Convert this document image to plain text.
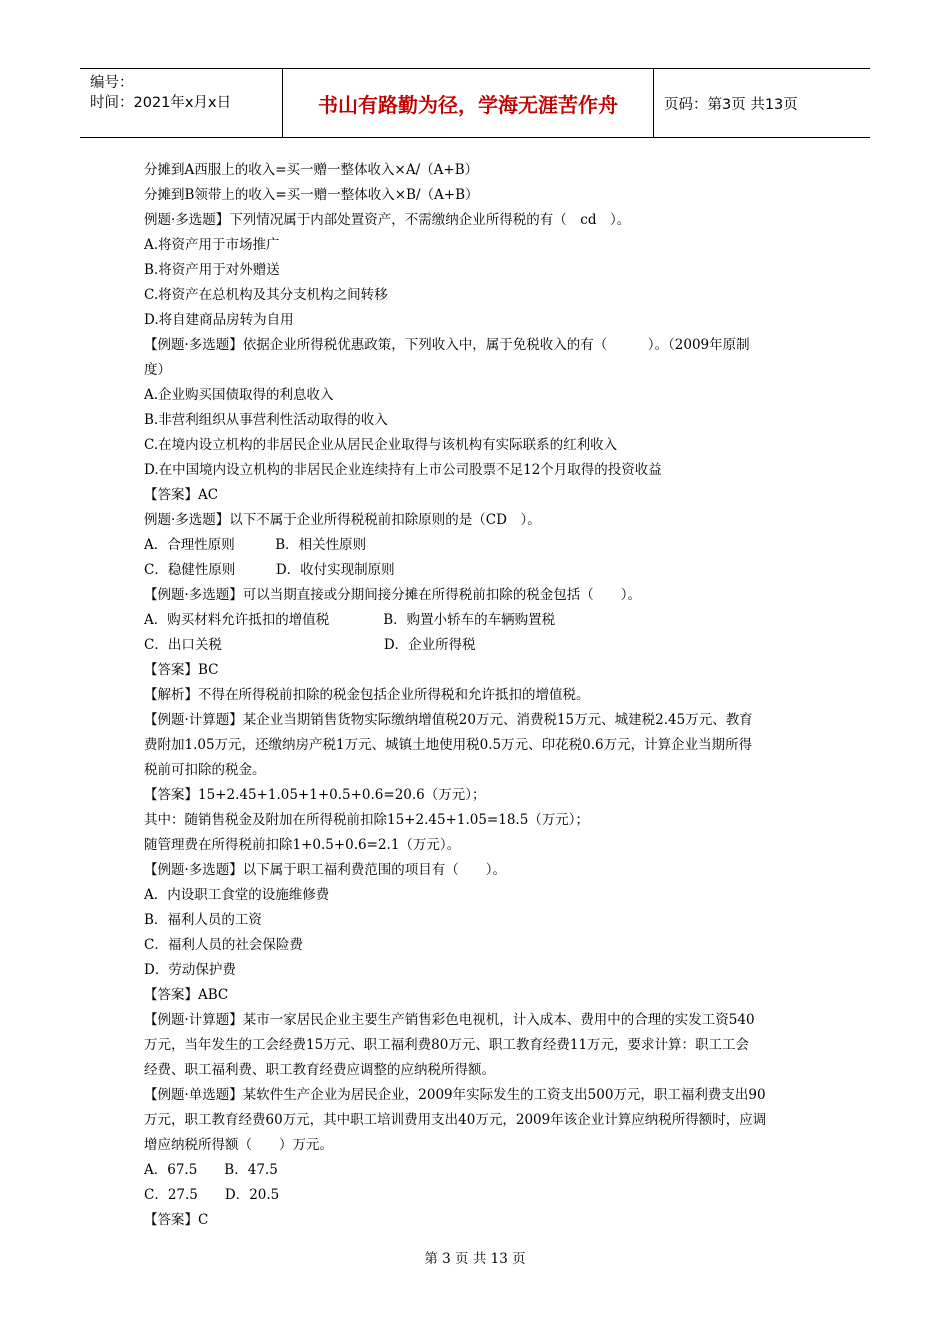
编号：
时间：2021年x月x日	书山有路勤为径，学海无涯苦作舟	页码：第3页 共13页
分摊到A西服上的收入=买一赠一整体收入×A/（A+B）
分摊到B领带上的收入=买一赠一整体收入×B/（A+B）
例题·多选题】下列情况属于内部处置资产，不需缴纳企业所得税的有（　cd　）。
A.将资产用于市场推广
B.将资产用于对外赠送
C.将资产在总机构及其分支机构之间转移
D.将自建商品房转为自用
【例题·多选题】依据企业所得税优惠政策，下列收入中，属于免税收入的有（　　　）。（2009年原制
度）
A.企业购买国债取得的利息收入
B.非营利组织从事营利性活动取得的收入
C.在境内设立机构的非居民企业从居民企业取得与该机构有实际联系的红利收入
D.在中国境内设立机构的非居民企业连续持有上市公司股票不足12个月取得的投资收益
【答案】AC
例题·多选题】以下不属于企业所得税税前扣除原则的是（CD　）。
A．合理性原则　　　B．相关性原则
C．稳健性原则　　　D．收付实现制原则
【例题·多选题】可以当期直接或分期间接分摊在所得税前扣除的税金包括（　　）。
A．购买材料允许抵扣的增值税　　　　B．购置小轿车的车辆购置税
C．出口关税　　　　　　　　　　　　D．企业所得税
【答案】BC
【解析】不得在所得税前扣除的税金包括企业所得税和允许抵扣的增值税。
【例题·计算题】某企业当期销售货物实际缴纳增值税20万元、消费税15万元、城建税2.45万元、教育
费附加1.05万元，还缴纳房产税1万元、城镇土地使用税0.5万元、印花税0.6万元，计算企业当期所得
税前可扣除的税金。
【答案】15+2.45+1.05+1+0.5+0.6=20.6（万元）；
其中：随销售税金及附加在所得税前扣除15+2.45+1.05=18.5（万元）；
随管理费在所得税前扣除1+0.5+0.6=2.1（万元）。
【例题·多选题】以下属于职工福利费范围的项目有（　　）。
A．内设职工食堂的设施维修费
B．福利人员的工资
C．福利人员的社会保险费
D．劳动保护费
【答案】ABC
【例题·计算题】某市一家居民企业主要生产销售彩色电视机，计入成本、费用中的合理的实发工资540
万元，当年发生的工会经费15万元、职工福利费80万元、职工教育经费11万元，要求计算：职工工会
经费、职工福利费、职工教育经费应调整的应纳税所得额。
【例题·单选题】某软件生产企业为居民企业，2009年实际发生的工资支出500万元，职工福利费支出90
万元，职工教育经费60万元，其中职工培训费用支出40万元，2009年该企业计算应纳税所得额时，应调
增应纳税所得额（　　）万元。
A．67.5　　B．47.5
C．27.5　　D．20.5
【答案】C
第 3 页 共 13 页
